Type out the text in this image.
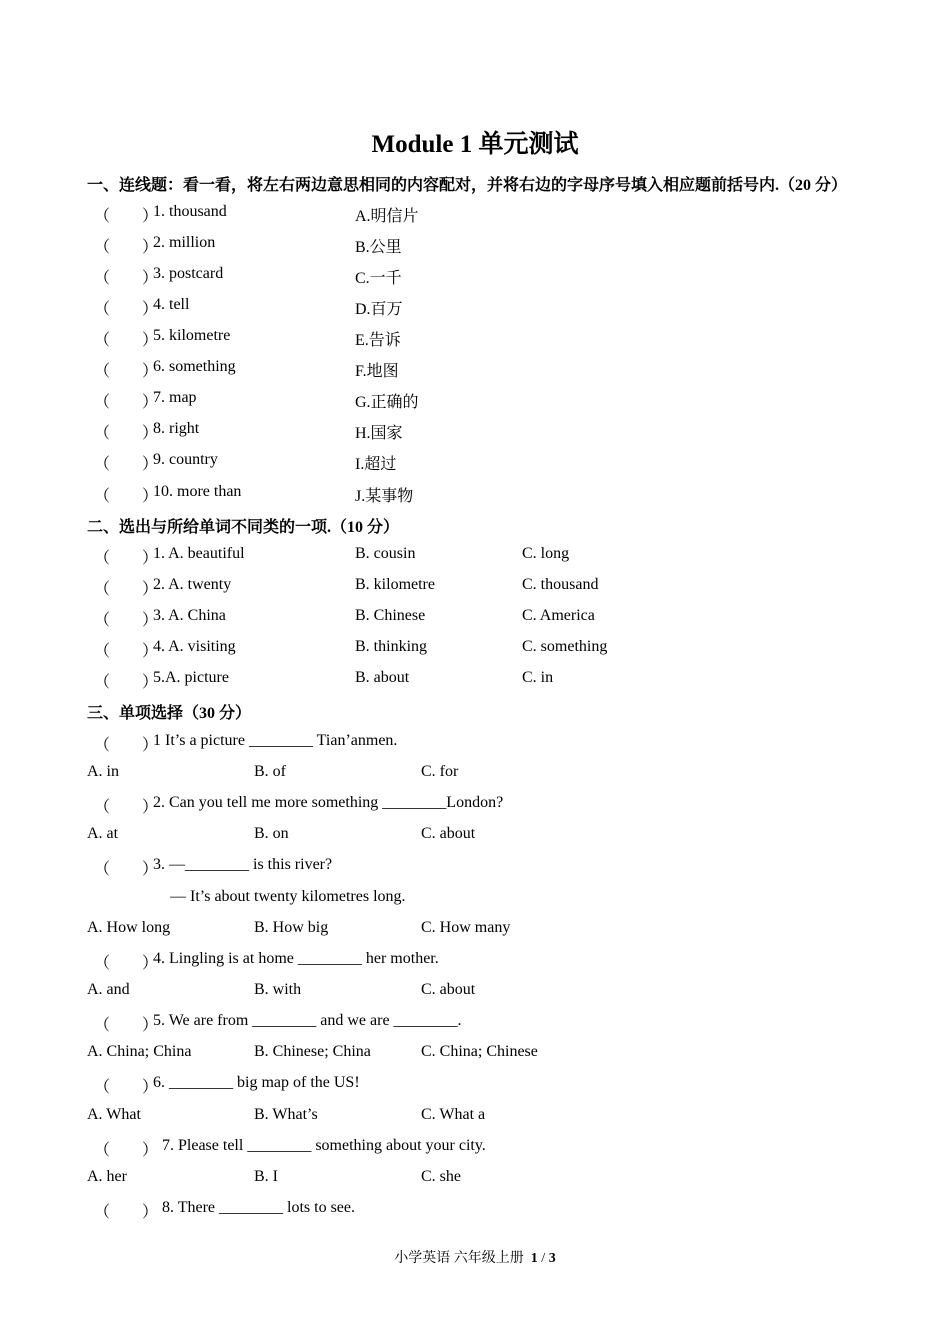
Module 1 单元测试
一、连线题：看一看，将左右两边意思相同的内容配对，并将右边的字母序号填入相应题前括号内.（20 分）
（　　）
1. thousand	A.明信片
（　　）
2. million	B.公里
（　　）
3. postcard	C.一千
（　　）
4. tell	D.百万
（　　）
5. kilometre	E.告诉
（　　）
6. something	F.地图
（　　）
7. map	G.正确的
（　　）
8. right	H.国家
（　　）
9. country	I.超过
（　　）
10. more than	J.某事物
二、选出与所给单词不同类的一项.（10 分）
（　　）
1. A. beautiful	B. cousin	C. long
（　　）
2. A. twenty	B. kilometre	C. thousand
（　　）
3. A. China	B. Chinese	C. America
（　　）
4. A. visiting	B. thinking	C. something
（　　）
5.A. picture	B. about	C. in
三、单项选择（30 分）
（　　）
1 It’s a picture ________ Tian’anmen.
A. in	B. of	C. for
（　　）
2. Can you tell me more something ________London?
A. at	B. on	C. about
（　　）
3. —________ is this river?
— It’s about twenty kilometres long.
A. How long	B. How big	C. How many
（　　）
4. Lingling is at home ________ her mother.
A. and	B. with	C. about
（　　）
5. We are from ________ and we are ________.
A. China; China	B. Chinese; China	C. China; Chinese
（　　）
6. ________ big map of the US!
A. What	B. What’s	C. What a
（　　） 7. Please tell ________ something about your city.
A. her	B. I	C. she
（　　） 8. There ________ lots to see.
小学英语 六年级上册 1 / 3
